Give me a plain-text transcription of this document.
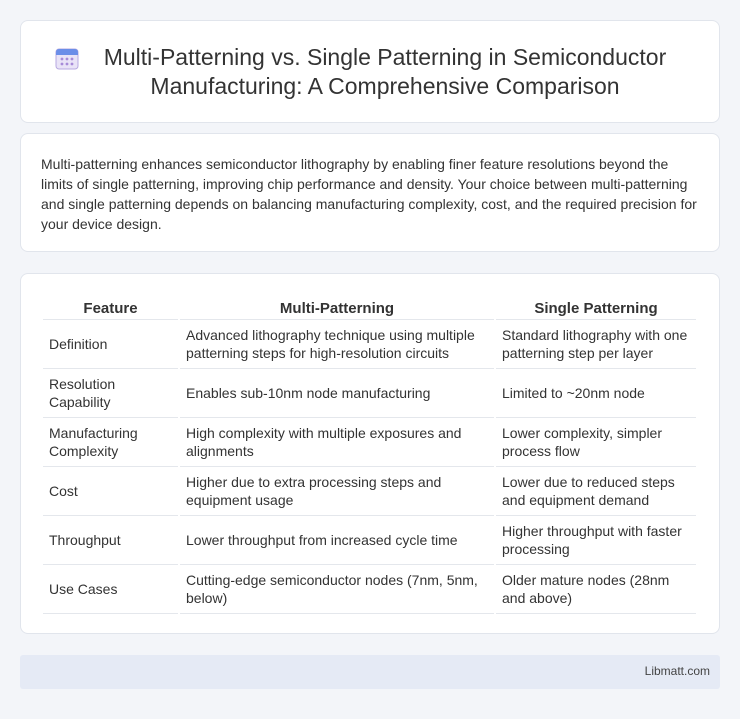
Multi-Patterning vs. Single Patterning in Semiconductor Manufacturing: A Comprehensive Comparison

Multi-patterning enhances semiconductor lithography by enabling finer feature resolutions beyond the limits of single patterning, improving chip performance and density. Your choice between multi-patterning and single patterning depends on balancing manufacturing complexity, cost, and the required precision for your device design.

Feature	Multi-Patterning	Single Patterning
Definition	Advanced lithography technique using multiple patterning steps for high-resolution circuits	Standard lithography with one patterning step per layer
Resolution Capability	Enables sub-10nm node manufacturing	Limited to ~20nm node
Manufacturing Complexity	High complexity with multiple exposures and alignments	Lower complexity, simpler process flow
Cost	Higher due to extra processing steps and equipment usage	Lower due to reduced steps and equipment demand
Throughput	Lower throughput from increased cycle time	Higher throughput with faster processing
Use Cases	Cutting-edge semiconductor nodes (7nm, 5nm, below)	Older mature nodes (28nm and above)
Libmatt.com
